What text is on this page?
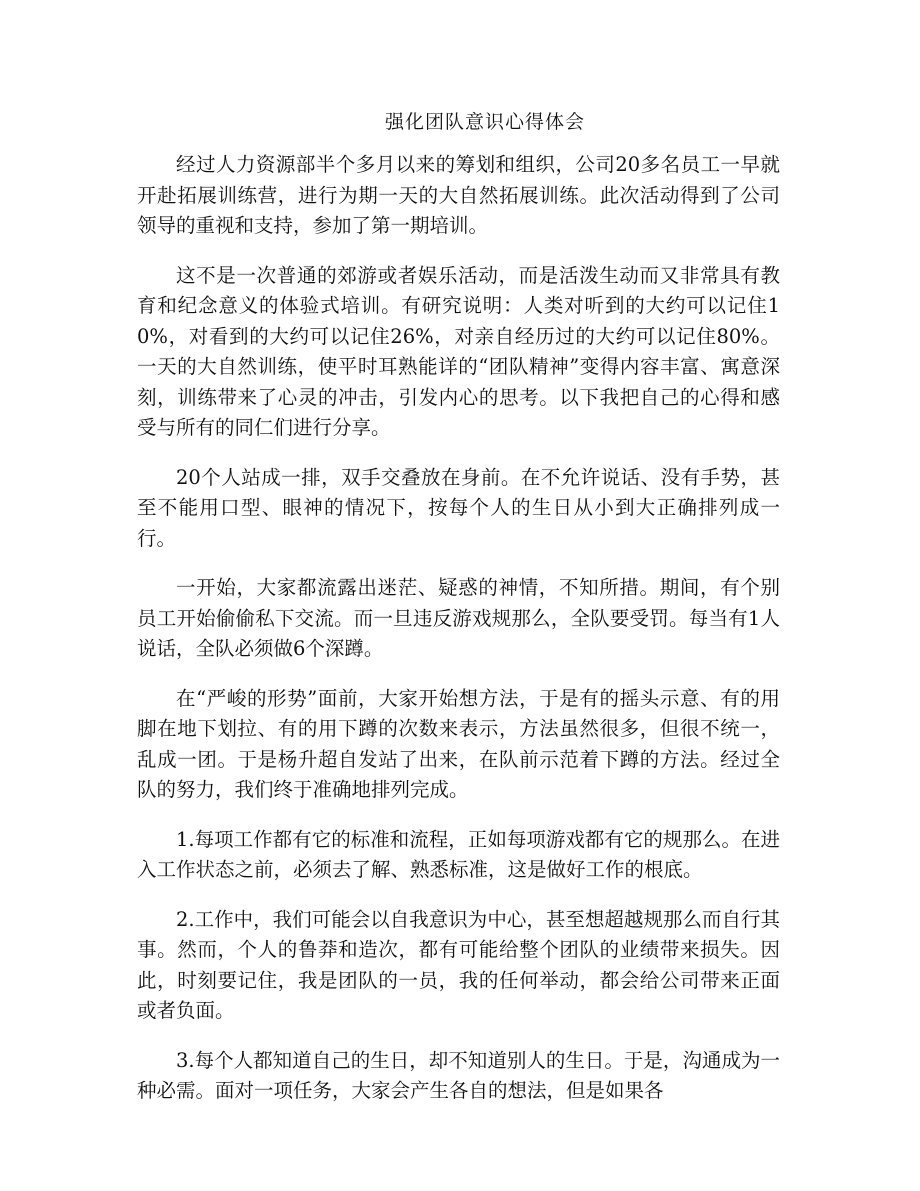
强化团队意识心得体会

经过人力资源部半个多月以来的筹划和组织，公司20多名员工一早就开赴拓展训练营，进行为期一天的大自然拓展训练。此次活动得到了公司领导的重视和支持，参加了第一期培训。

这不是一次普通的郊游或者娱乐活动，而是活泼生动而又非常具有教育和纪念意义的体验式培训。有研究说明：人类对听到的大约可以记住10%，对看到的大约可以记住26%，对亲自经历过的大约可以记住80%。一天的大自然训练，使平时耳熟能详的“团队精神”变得内容丰富、寓意深刻，训练带来了心灵的冲击，引发内心的思考。以下我把自己的心得和感受与所有的同仁们进行分享。

20个人站成一排，双手交叠放在身前。在不允许说话、没有手势，甚至不能用口型、眼神的情况下，按每个人的生日从小到大正确排列成一行。

一开始，大家都流露出迷茫、疑惑的神情，不知所措。期间，有个别员工开始偷偷私下交流。而一旦违反游戏规那么，全队要受罚。每当有1人说话，全队必须做6个深蹲。

在“严峻的形势”面前，大家开始想方法，于是有的摇头示意、有的用脚在地下划拉、有的用下蹲的次数来表示，方法虽然很多，但很不统一，乱成一团。于是杨升超自发站了出来，在队前示范着下蹲的方法。经过全队的努力，我们终于准确地排列完成。

1.每项工作都有它的标准和流程，正如每项游戏都有它的规那么。在进入工作状态之前，必须去了解、熟悉标准，这是做好工作的根底。

2.工作中，我们可能会以自我意识为中心，甚至想超越规那么而自行其事。然而，个人的鲁莽和造次，都有可能给整个团队的业绩带来损失。因此，时刻要记住，我是团队的一员，我的任何举动，都会给公司带来正面或者负面。

3.每个人都知道自己的生日，却不知道别人的生日。于是，沟通成为一种必需。面对一项任务，大家会产生各自的想法，但是如果各
